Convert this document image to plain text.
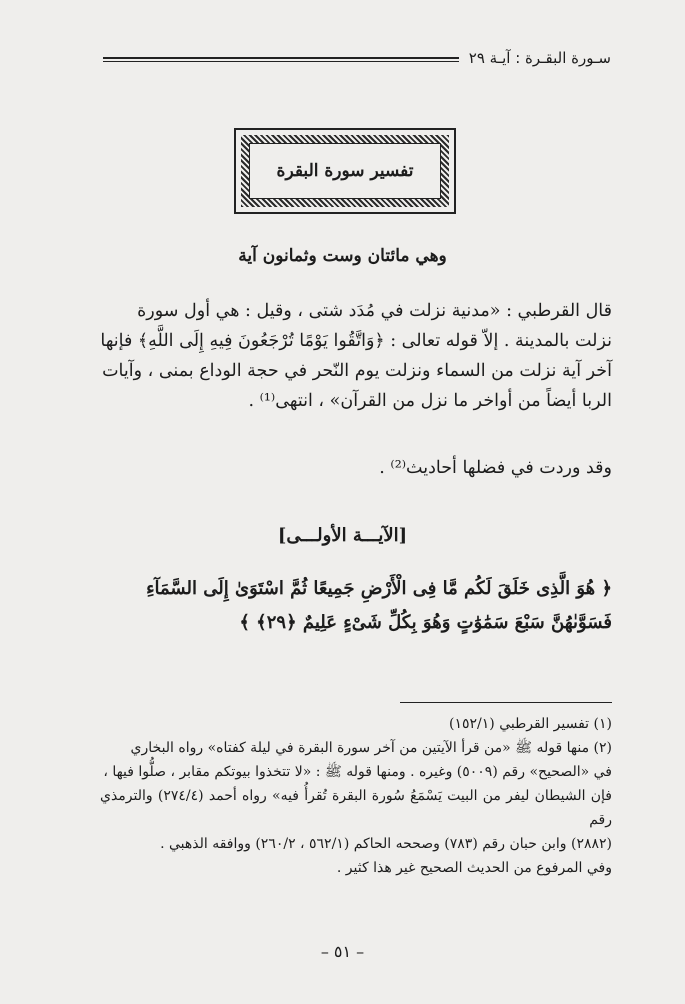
سـورة البقـرة : آيـة ٢٩
تفسير سورة البقرة
وهي مائتان وست وثمانون آية

قال القرطبي : «مدنية نزلت في مُدَد شتى ، وقيل : هي أول سورة

نزلت بالمدينة . إلاّ قوله تعالى : ﴿وَاتَّقُوا يَوْمًا تُرْجَعُونَ فِيهِ إِلَى اللَّهِ﴾ فإنها

آخر آية نزلت من السماء ونزلت يوم النّحر في حجة الوداع بمنى ، وآيات

الربا أيضاً من أواخر ما نزل من القرآن» ، انتهى⁽¹⁾ .

وقد وردت في فضلها أحاديث⁽²⁾ .

[الآيـــة الأولـــى]

﴿ هُوَ الَّذِى خَلَقَ لَكُم مَّا فِى الْأَرْضِ جَمِيعًا ثُمَّ اسْتَوَىٰ إِلَى السَّمَآءِ

فَسَوَّىٰهُنَّ سَبْعَ سَمَٰوَٰتٍ وَهُوَ بِكُلِّ شَىْءٍ عَلِيمٌ ﴿٢٩﴾ ﴾

(١) تفسير القرطبي (١٥٢/١)

(٢) منها قوله ﷺ «من قرأ الآيتين من آخر سورة البقرة في ليلة كفتاه» رواه البخاري

في «الصحيح» رقم (٥٠٠٩) وغيره . ومنها قوله ﷺ : «لا تتخذوا بيوتكم مقابر ، صلُّوا فيها ،

فإن الشيطان ليفر من البيت يَسْمَعُ سُورة البقرة تُقرأُ فيه» رواه أحمد (٢٧٤/٤) والترمذي رقم

(٢٨٨٢) وابن حبان رقم (٧٨٣) وصححه الحاكم (٥٦٢/١ ، ٢٦٠/٢) ووافقه الذهبي .

وفي المرفوع من الحديث الصحيح غير هذا كثير .

– ٥١ –
